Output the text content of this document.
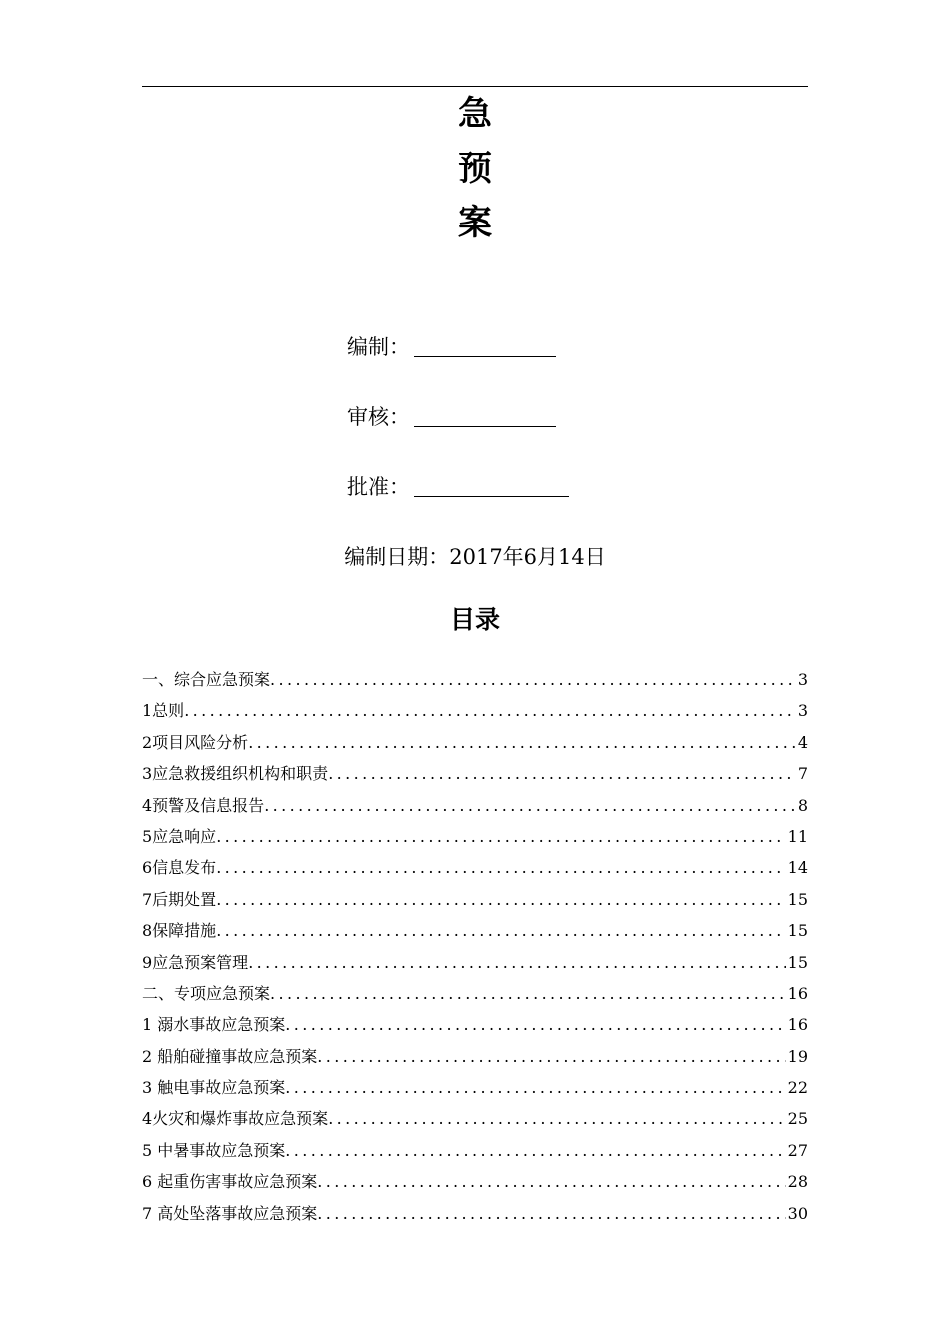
急
预
案
编制：
审核：
批准：
编制日期：2017年6月14日
目录
一、综合应急预案 .....	3
1总则 .....	3
2项目风险分析 .....	4
3应急救援组织机构和职责 .....	7
4预警及信息报告 .....	8
5应急响应 .....	11
6信息发布 .....	14
7后期处置 .....	15
8保障措施 .....	15
9应急预案管理 .....	15
二、专项应急预案 .....	16
1 溺水事故应急预案 .....	16
2 船舶碰撞事故应急预案 .....	19
3 触电事故应急预案 .....	22
4火灾和爆炸事故应急预案 .....	25
5 中暑事故应急预案 .....	27
6 起重伤害事故应急预案 .....	28
7 高处坠落事故应急预案 .....	30
